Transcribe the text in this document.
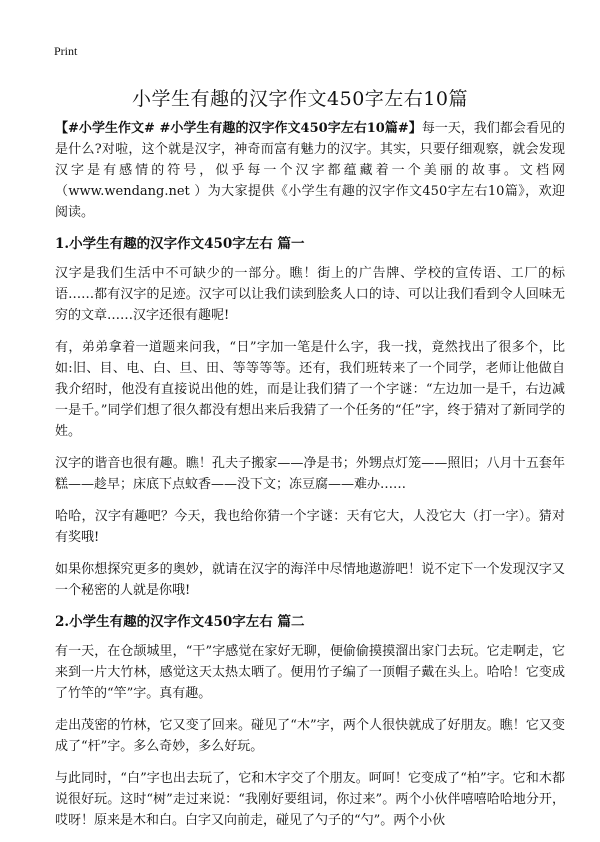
Print
小学生有趣的汉字作文450字左右10篇

【#小学生作文# #小学生有趣的汉字作文450字左右10篇#】每一天，我们都会看见的是什么?对啦，这个就是汉字，神奇而富有魅力的汉字。其实，只要仔细观察，就会发现汉字是有感情的符号，似乎每一个汉字都蕴藏着一个美丽的故事。文档网（www.wendang.net ）为大家提供《小学生有趣的汉字作文450字左右10篇》，欢迎阅读。

1.小学生有趣的汉字作文450字左右 篇一

汉字是我们生活中不可缺少的一部分。瞧！街上的广告牌、学校的宣传语、工厂的标语……都有汉字的足迹。汉字可以让我们读到脍炙人口的诗、可以让我们看到令人回味无穷的文章……汉字还很有趣呢!

有，弟弟拿着一道题来问我，“日”字加一笔是什么字，我一找，竟然找出了很多个，比如:旧、目、电、白、旦、田、等等等等。还有，我们班转来了一个同学，老师让他做自我介绍时，他没有直接说出他的姓，而是让我们猜了一个字谜：“左边加一是千，右边减一是千。”同学们想了很久都没有想出来后我猜了一个任务的“任”字，终于猜对了新同学的姓。

汉字的谐音也很有趣。瞧！孔夫子搬家——净是书；外甥点灯笼——照旧；八月十五套年糕——趁早；床底下点蚊香——没下文；冻豆腐——难办……

哈哈，汉字有趣吧？今天，我也给你猜一个字谜：天有它大，人没它大（打一字）。猜对有奖哦!

如果你想探究更多的奥妙，就请在汉字的海洋中尽情地遨游吧！说不定下一个发现汉字又一个秘密的人就是你哦!

2.小学生有趣的汉字作文450字左右 篇二

有一天，在仓颉城里，“干”字感觉在家好无聊，便偷偷摸摸溜出家门去玩。它走啊走，它来到一片大竹林，感觉这天太热太晒了。便用竹子编了一顶帽子戴在头上。哈哈！它变成了竹竿的“竿”字。真有趣。

走出茂密的竹林，它又变了回来。碰见了“木”字，两个人很快就成了好朋友。瞧！它又变成了“杆”字。多么奇妙，多么好玩。

与此同时，“白”字也出去玩了，它和木字交了个朋友。呵呵！它变成了“柏”字。它和木都说很好玩。这时“树”走过来说：“我刚好要组词，你过来”。两个小伙伴嘻嘻哈哈地分开，哎呀！原来是木和白。白字又向前走，碰见了勺子的“勺”。两个小伙
